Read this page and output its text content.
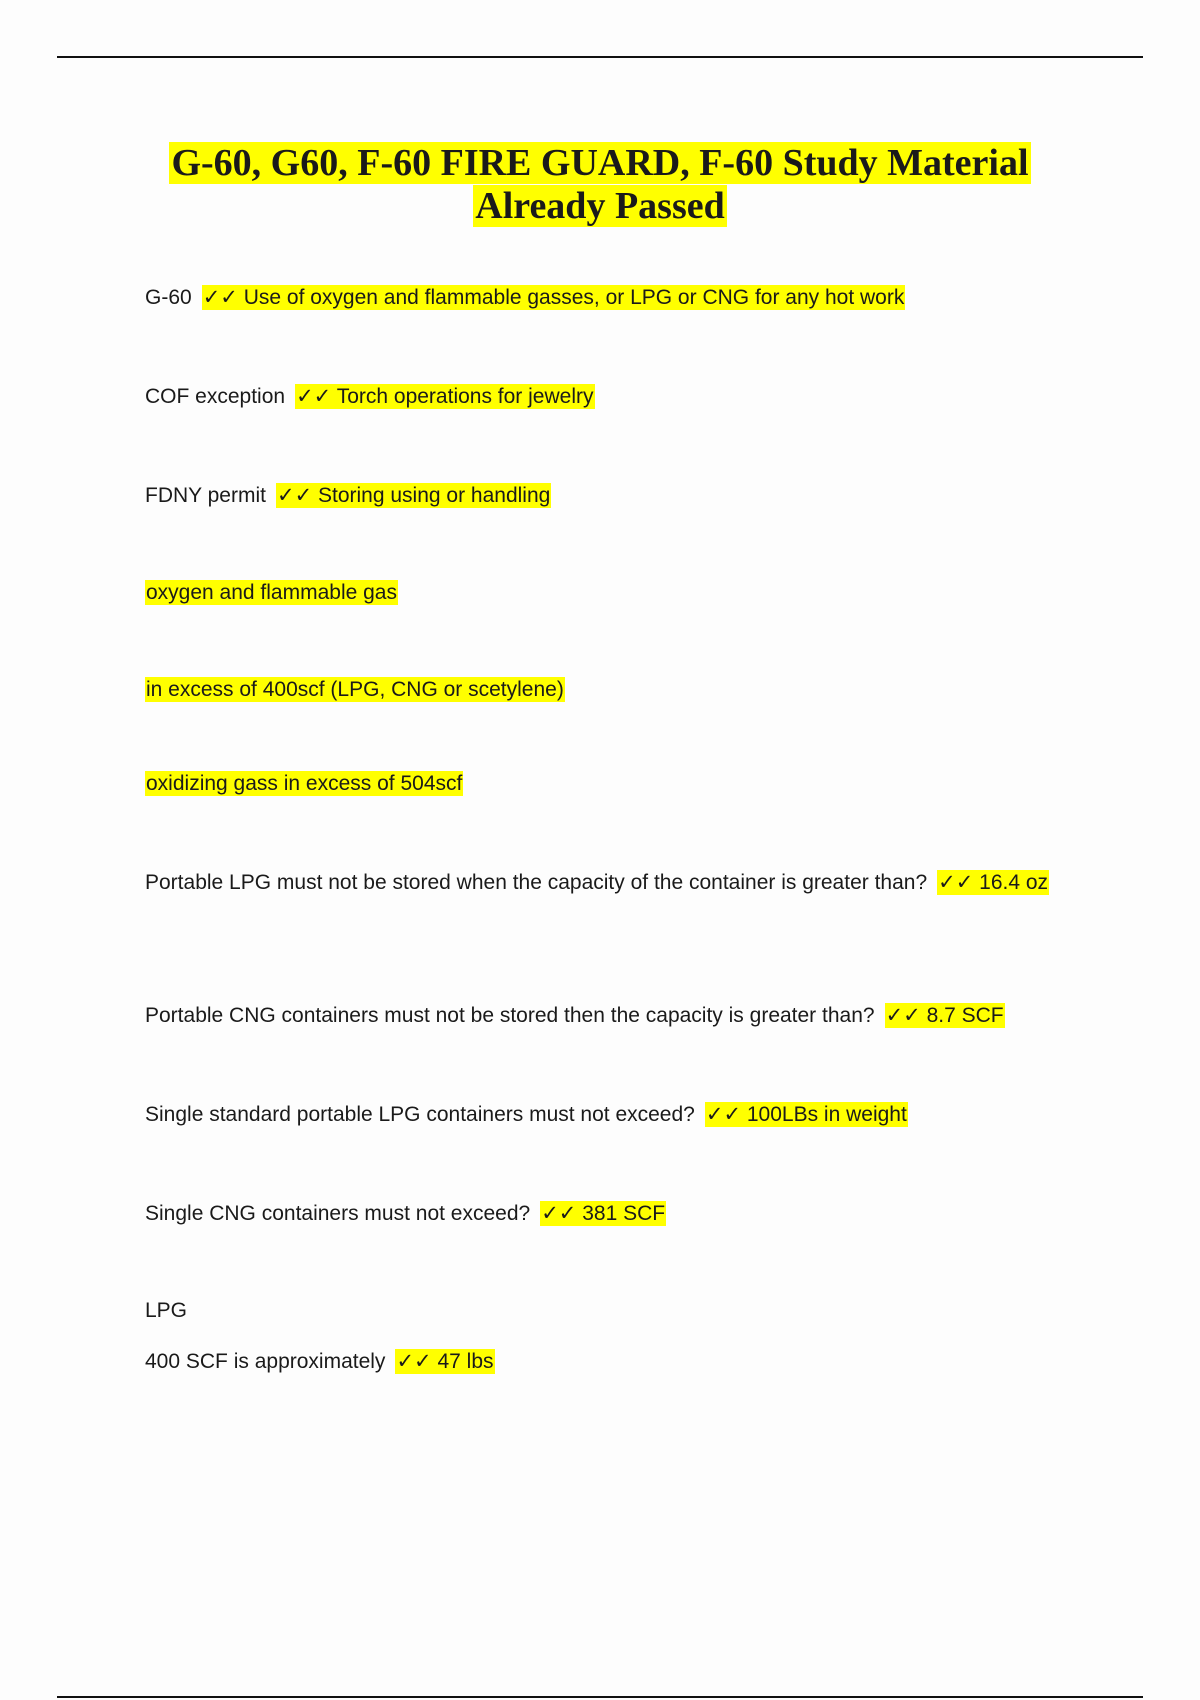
G-60, G60, F-60 FIRE GUARD, F-60 Study Material
Already Passed
G-60 ✓✓ Use of oxygen and flammable gasses, or LPG or CNG for any hot work
COF exception ✓✓ Torch operations for jewelry
FDNY permit ✓✓ Storing using or handling
oxygen and flammable gas
in excess of 400scf (LPG, CNG or scetylene)
oxidizing gass in excess of 504scf
Portable LPG must not be stored when the capacity of the container is greater than? ✓✓ 16.4 oz
Portable CNG containers must not be stored then the capacity is greater than? ✓✓ 8.7 SCF
Single standard portable LPG containers must not exceed? ✓✓ 100LBs in weight
Single CNG containers must not exceed? ✓✓ 381 SCF
LPG
400 SCF is approximately ✓✓ 47 lbs
